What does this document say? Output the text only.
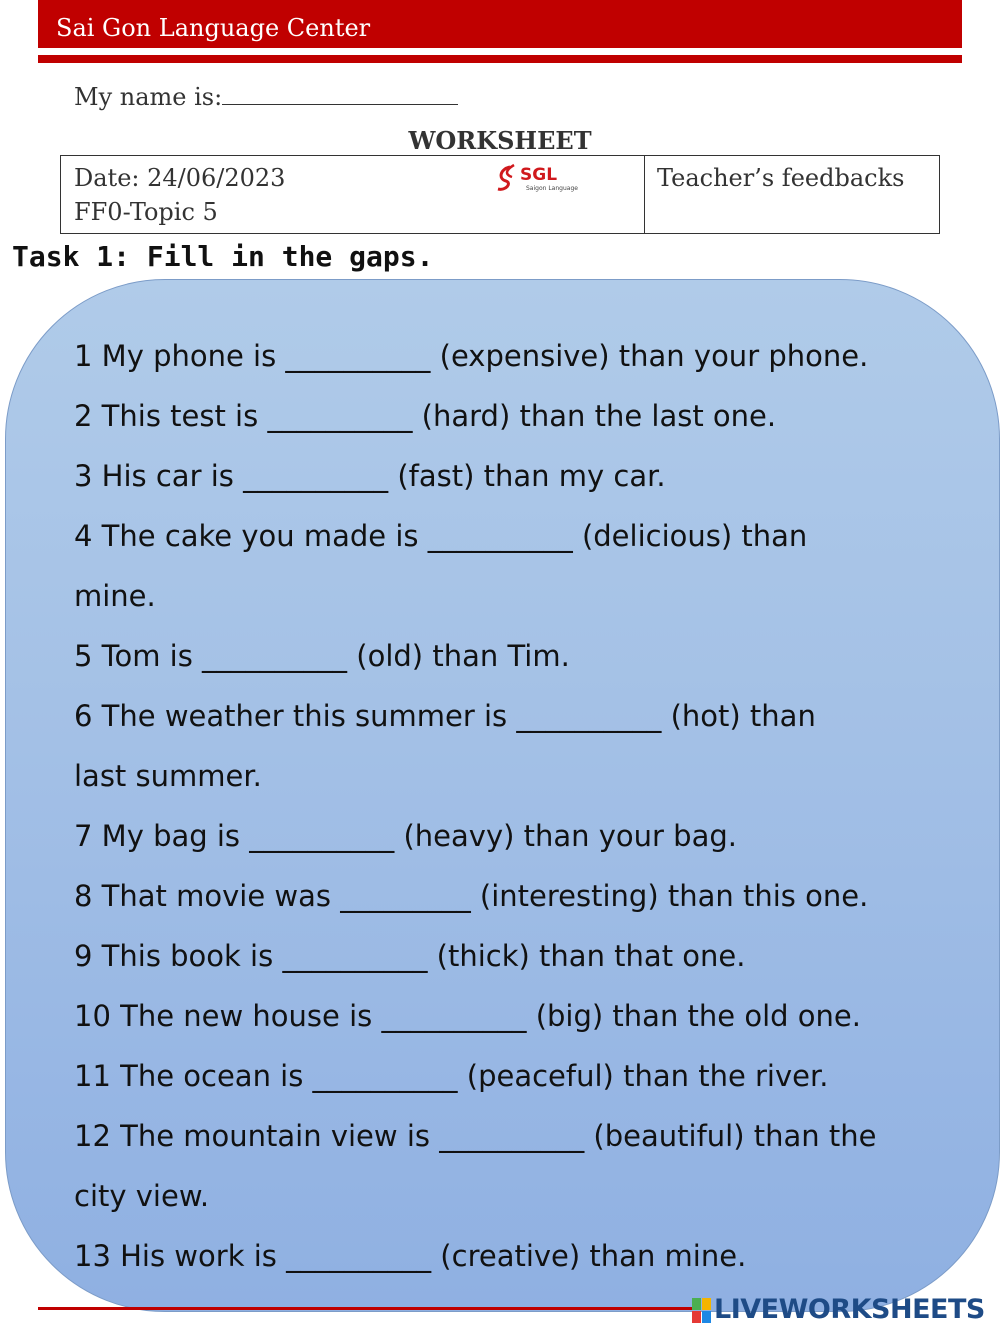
Sai Gon Language Center
My name is:
WORKSHEET
Date: 24/06/2023
FF0-Topic 5
SGL
Saigon Language	Teacher’s feedbacks
Task 1: Fill in the gaps.
1 My phone is __________ (expensive) than your phone.
2 This test is __________ (hard) than the last one.
3 His car is __________ (fast) than my car.
4 The cake you made is __________ (delicious) than
mine.
5 Tom is __________ (old) than Tim.
6 The weather this summer is __________ (hot) than
last summer.
7 My bag is __________ (heavy) than your bag.
8 That movie was _________ (interesting) than this one.
9 This book is __________ (thick) than that one.
10 The new house is __________ (big) than the old one.
11 The ocean is __________ (peaceful) than the river.
12 The mountain view is __________ (beautiful) than the
city view.
13 His work is __________ (creative) than mine.
LIVEWORKSHEETS
